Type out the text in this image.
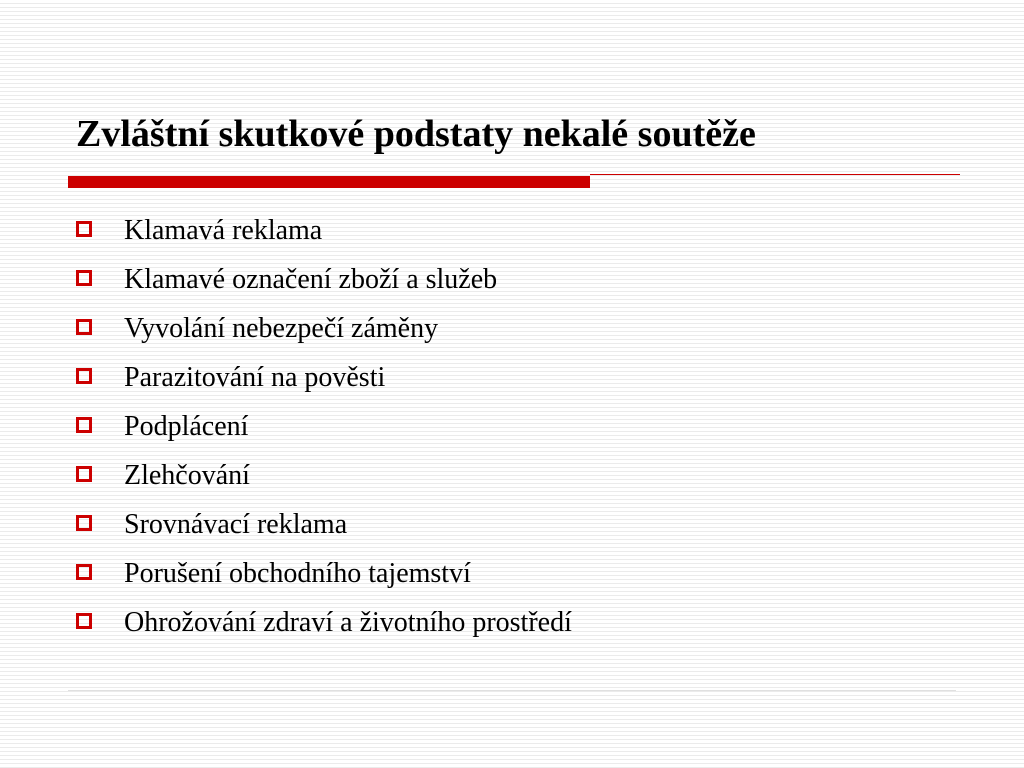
Zvláštní skutkové podstaty nekalé soutěže
Klamavá reklama
Klamavé označení zboží a služeb
Vyvolání nebezpečí záměny
Parazitování na pověsti
Podplácení
Zlehčování
Srovnávací reklama
Porušení obchodního tajemství
Ohrožování zdraví a životního prostředí
